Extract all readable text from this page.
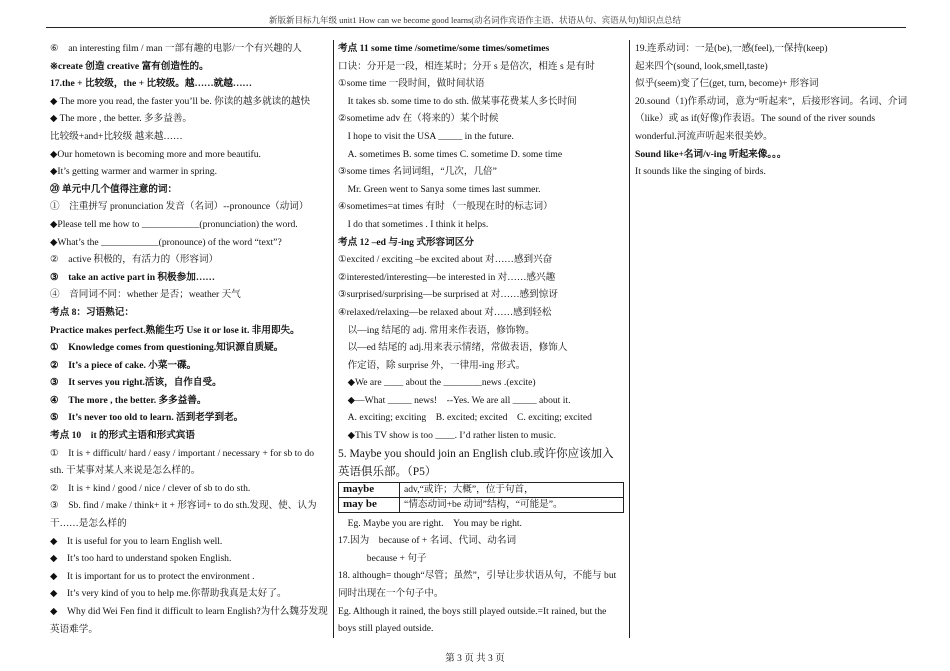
新版新目标九年级 unit1 How can we become good learns(动名词作宾语作主语、状语从句、宾语从句)知识点总结
⑥　an interesting film / man 一部有趣的电影/一个有兴趣的人
※create 创造 creative 富有创造性的。
17.the + 比较级，the + 比较级。越……就越……
◆ The more you read, the faster you’ll be. 你读的越多就读的越快
◆ The more , the better. 多多益善。
比较级+and+比较级 越来越……
◆Our hometown is becoming more and more beautifu.
◆It’s getting warmer and warmer in spring.
⑳ 单元中几个值得注意的词：
①　注重拼写 pronunciation 发音（名词）--pronounce（动词）
◆Please tell me how to ____________(pronunciation) the word.
◆What’s the ____________(pronounce) of the word “text”?
②　active 积极的，有活力的（形容词）
③　take an active part in 积极参加……
④　音同词不同：whether 是否；weather 天气
考点 8：习语熟记：
Practice makes perfect.熟能生巧 Use it or lose it. 非用即失。
①　Knowledge comes from questioning.知识源自质疑。
②　It’s a piece of cake. 小菜一碟。
③　It serves you right.活该，自作自受。
④　The more , the better. 多多益善。
⑤　It’s never too old to learn. 活到老学到老。
考点 10　it 的形式主语和形式宾语
①　It is + difficult/ hard / easy / important / necessary + for sb to do sth. 干某事对某人来说是怎么样的。
②　It is + kind / good / nice / clever of sb to do sth.
③　Sb. find / make / think+ it + 形容词+ to do sth.发现、使、认为干……是怎么样的
◆　It is useful for you to learn English well.
◆　It’s too hard to understand spoken English.
◆　It is important for us to protect the environment .
◆　It’s very kind of you to help me.你帮助我真是太好了。
◆　Why did Wei Fen find it difficult to learn English?为什么魏芬发现英语难学。
考点 11 some time /sometime/some times/sometimes
口诀：分开是一段，相连某时；分开 s 是倍次，相连 s 是有时
①some time 一段时间，做时间状语
　It takes sb. some time to do sth. 做某事花费某人多长时间
②sometime adv 在（将来的）某个时候
　I hope to visit the USA _____ in the future.
　A. sometimes B. some times C. sometime D. some time
③some times 名词词组，“几次，几倍”
　Mr. Green went to Sanya some times last summer.
④sometimes=at times 有时 （一般现在时的标志词）
　I do that sometimes . I think it helps.
考点 12 –ed 与-ing 式形容词区分
①excited / exciting –be excited about 对……感到兴奋
②interested/interesting—be interested in 对……感兴趣
③surprised/surprising—be surprised at 对……感到惊讶
④relaxed/relaxing—be relaxed about 对……感到轻松
　以—ing 结尾的 adj. 常用来作表语，修饰物。
　以—ed 结尾的 adj.用来表示情绪，常做表语，修饰人
　作定语，除 surprise 外，一律用-ing 形式。
　◆We are ____ about the ________news .(excite)
　◆—What _____ news!　--Yes. We are all _____ about it.
　A. exciting; exciting　B. excited; excited　C. exciting; excited
　◆This TV show is too ____. I’d rather listen to music.
5. Maybe you should join an English club.或许你应该加入英语俱乐部。（P5）
maybe	adv,“或许；大概”，位于句首，
may be	“情态动词+be 动词”结构，“可能是”。
　Eg. Maybe you are right.　You may be right.
17.因为　because of + 名词、代词、动名词
　　　because + 句子
18. although= though“尽管；虽然”，引导让步状语从句，不能与 but 同时出现在一个句子中。
Eg. Although it rained, the boys still played outside.=It rained, but the boys still played outside.
19.连系动词：一是(be),一感(feel),一保持(keep)
起来四个(sound, look,smell,taste)
似乎(seem)变了仨(get, turn, become)+ 形容词
20.sound（1)作系动词，意为“听起来”，后接形容词。名词、介词（like）或 as if(好像)作表语。The sound of the river sounds wonderful.河流声听起来很美妙。
Sound like+名词/v-ing 听起来像。。。
It sounds like the singing of birds.
第 3 页 共 3 页
